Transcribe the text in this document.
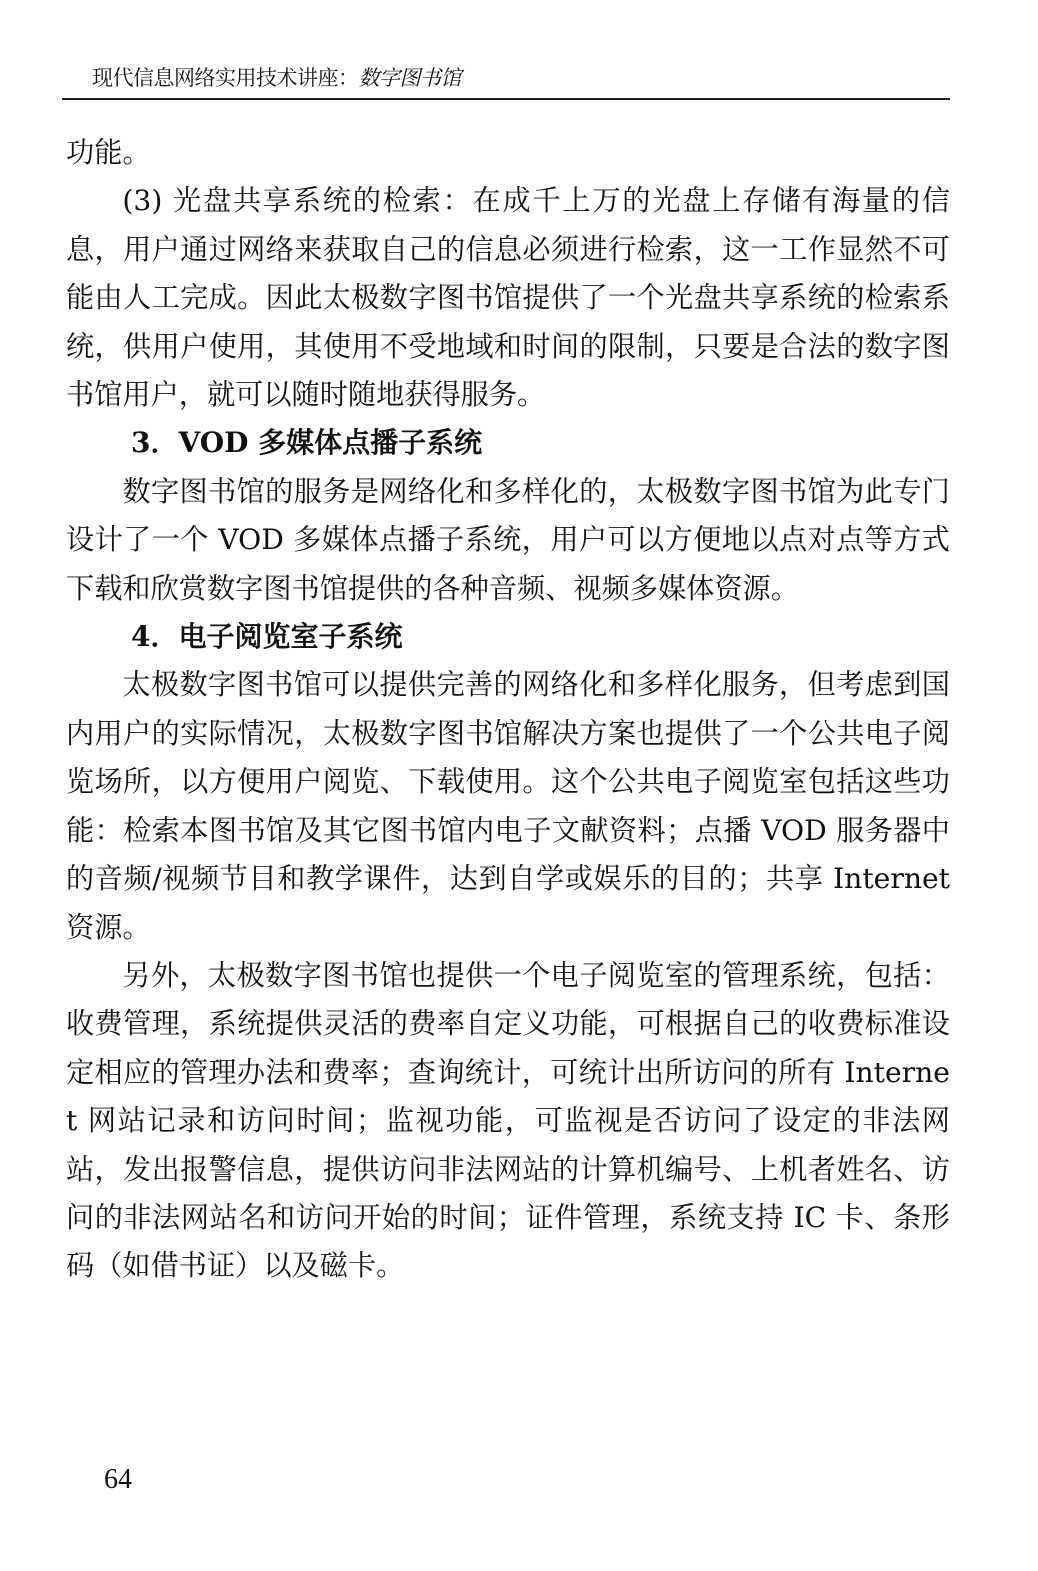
现代信息网络实用技术讲座：数字图书馆

功能。

(3) 光盘共享系统的检索：在成千上万的光盘上存储有海量的信息，用户通过网络来获取自己的信息必须进行检索，这一工作显然不可能由人工完成。因此太极数字图书馆提供了一个光盘共享系统的检索系统，供用户使用，其使用不受地域和时间的限制，只要是合法的数字图书馆用户，就可以随时随地获得服务。

3．VOD 多媒体点播子系统

数字图书馆的服务是网络化和多样化的，太极数字图书馆为此专门设计了一个 VOD 多媒体点播子系统，用户可以方便地以点对点等方式下载和欣赏数字图书馆提供的各种音频、视频多媒体资源。

4．电子阅览室子系统

太极数字图书馆可以提供完善的网络化和多样化服务，但考虑到国内用户的实际情况，太极数字图书馆解决方案也提供了一个公共电子阅览场所，以方便用户阅览、下载使用。这个公共电子阅览室包括这些功能：检索本图书馆及其它图书馆内电子文献资料；点播 VOD 服务器中的音频/视频节目和教学课件，达到自学或娱乐的目的；共享 Internet 资源。

另外，太极数字图书馆也提供一个电子阅览室的管理系统，包括：收费管理，系统提供灵活的费率自定义功能，可根据自己的收费标准设定相应的管理办法和费率；查询统计，可统计出所访问的所有 Internet 网站记录和访问时间；监视功能，可监视是否访问了设定的非法网站，发出报警信息，提供访问非法网站的计算机编号、上机者姓名、访问的非法网站名和访问开始的时间；证件管理，系统支持 IC 卡、条形码（如借书证）以及磁卡。

64
